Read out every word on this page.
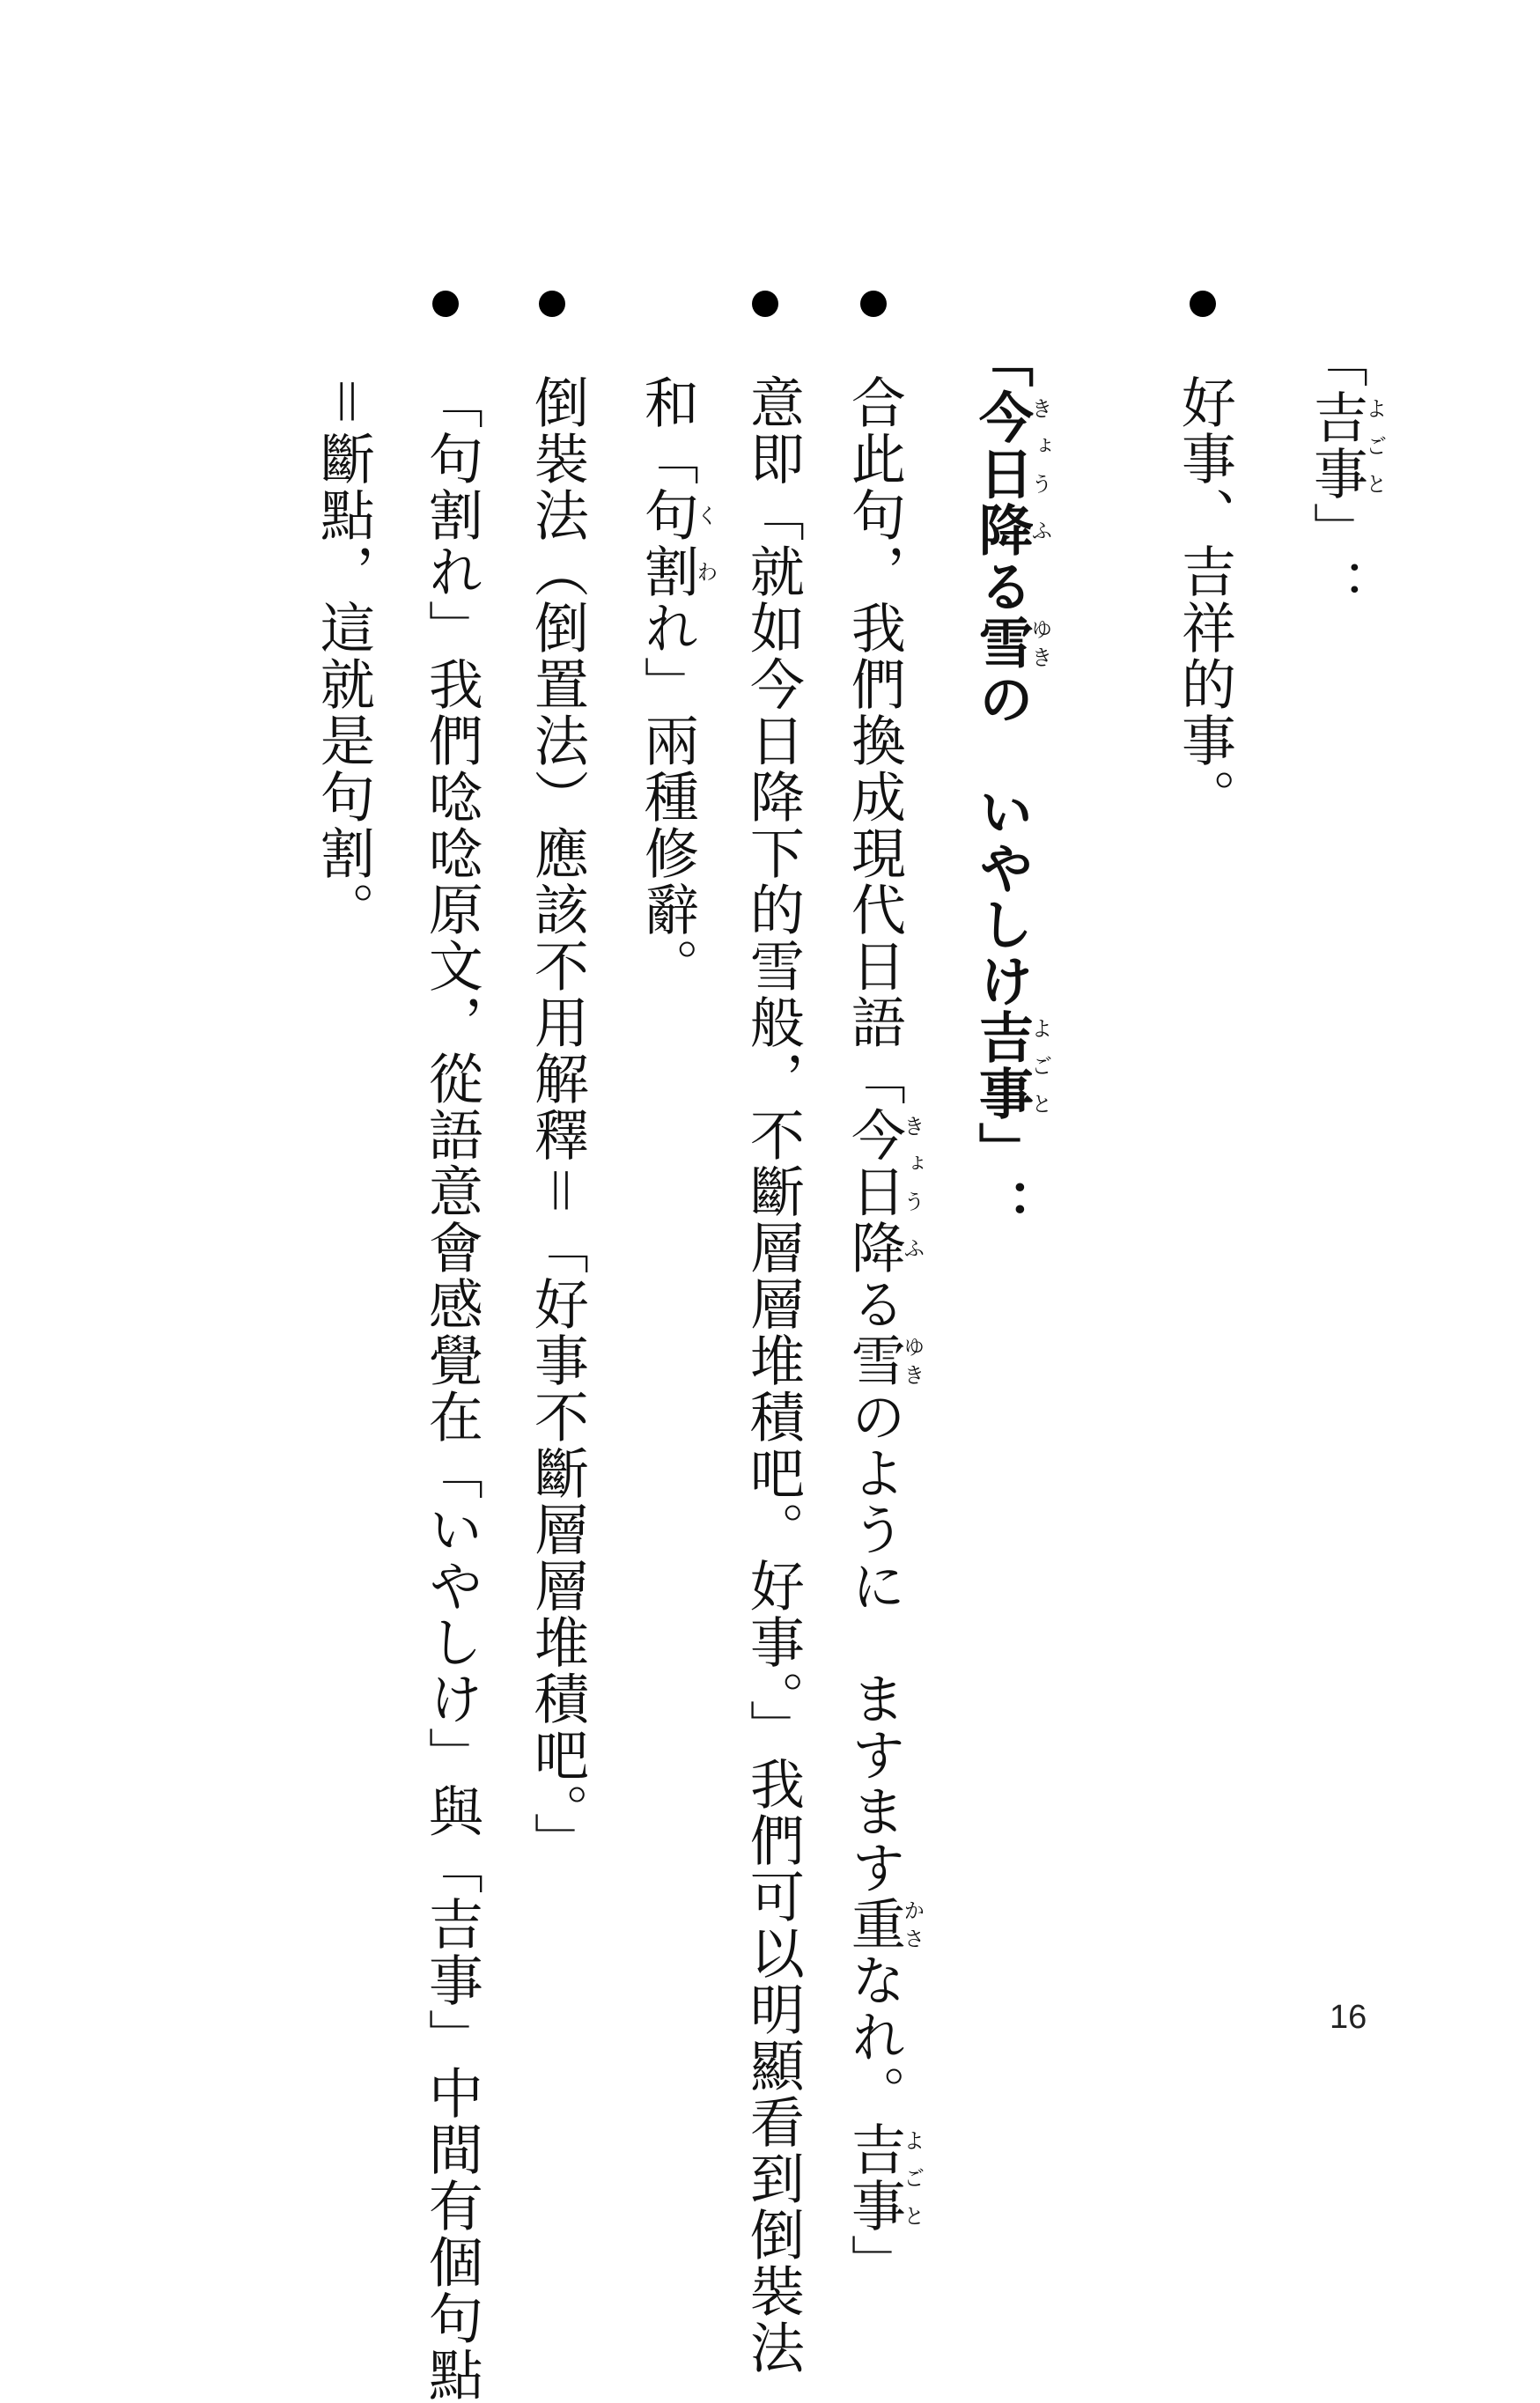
「吉事よごと」：
好事、吉祥的事。
「今日きょう降ふる雪ゆきの　いやしけ吉事よごと」：
合此句，我們換成現代日語「今日きょう降ふる雪ゆきのように　ますます重かさなれ。吉事よごと」
意即「就如今日降下的雪般，不斷層層堆積吧。好事。」我們可以明顯看到倒裝法
和「句割くわれ」兩種修辭。
倒裝法（倒置法）應該不用解釋＝「好事不斷層層堆積吧。」
「句割れ」我們唸唸原文，從語意會感覺在「いやしけ」與「吉事」中間有個句點
＝斷點，這就是句割。
16
